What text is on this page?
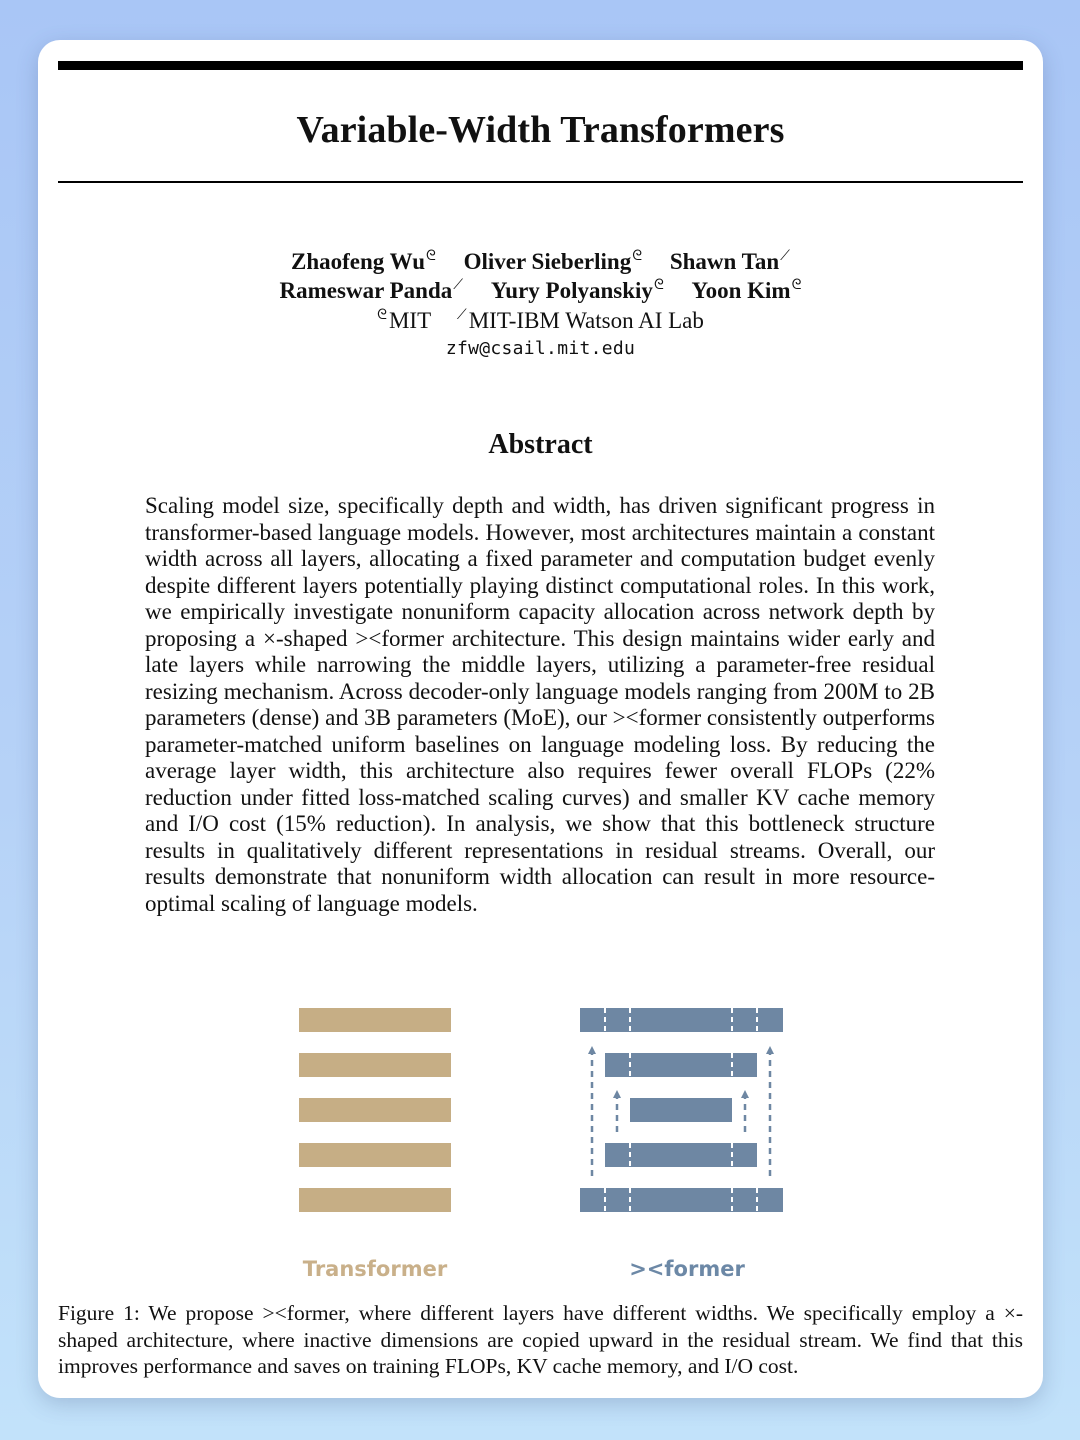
Variable-Width Transformers
Zhaofeng $Wu^ᘓ$ Oliver Sieberling$^ᘓ$ Shawn Tan⟋
Rameswar Panda⟋ Yury Polyanskiy$^ᘓ$ Yoon Kim$^ᘓ$
$^ᘓ$MIT ⟋MIT-IBM Watson AI Lab
zfw@csail.mit.edu
Abstract
Scaling model size, specifically depth and width, has driven significant progress in transformer-based language models. However, most architectures maintain a constant width across all layers, allocating a fixed parameter and computation budget evenly despite different layers potentially playing distinct computational roles. In this work, we empirically investigate nonuniform capacity allocation across network depth by proposing a ×-shaped ><former architecture. This design maintains wider early and late layers while narrowing the middle layers, utilizing a parameter-free residual resizing mechanism. Across decoder-only language models ranging from 200M to 2B parameters (dense) and 3B parameters (MoE), our ><former consistently outperforms parameter-matched uniform baselines on language modeling loss. By reducing the average layer width, this architecture also requires fewer overall FLOPs (22% reduction under fitted loss-matched scaling curves) and smaller KV cache memory and I/O cost (15% reduction). In analysis, we show that this bottleneck structure results in qualitatively different representations in residual streams. Overall, our results demonstrate that nonuniform width allocation can result in more resource-optimal scaling of language models.
Transformer	><former
Figure 1: We propose ><former, where different layers have different widths. We specifically employ a ×-shaped architecture, where inactive dimensions are copied upward in the residual stream. We find that this improves performance and saves on training FLOPs, KV cache memory, and I/O cost.
